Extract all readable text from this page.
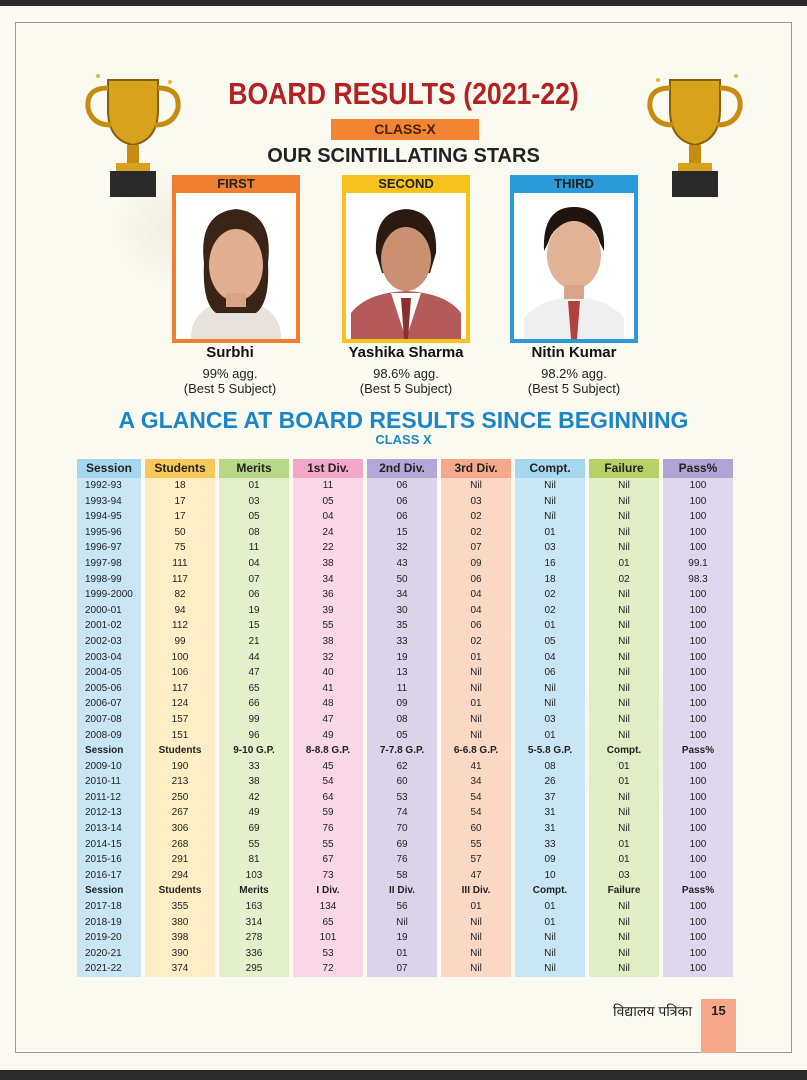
BOARD RESULTS (2021-22)
CLASS-X
OUR SCINTILLATING STARS
FIRST	SECOND	THIRD
Surbhi
99% agg.
(Best 5 Subject)
Yashika Sharma
98.6% agg.
(Best 5 Subject)
Nitin Kumar
98.2% agg.
(Best 5 Subject)
A GLANCE AT BOARD RESULTS SINCE BEGINNING
CLASS X
Session	Students	Merits	1st Div.	2nd Div.	3rd Div.	Compt.	Failure	Pass%
1992-93	18	01	11	06	Nil	Nil	Nil	100
1993-94	17	03	05	06	03	Nil	Nil	100
1994-95	17	05	04	06	02	Nil	Nil	100
1995-96	50	08	24	15	02	01	Nil	100
1996-97	75	11	22	32	07	03	Nil	100
1997-98	111	04	38	43	09	16	01	99.1
1998-99	117	07	34	50	06	18	02	98.3
1999-2000	82	06	36	34	04	02	Nil	100
2000-01	94	19	39	30	04	02	Nil	100
2001-02	112	15	55	35	06	01	Nil	100
2002-03	99	21	38	33	02	05	Nil	100
2003-04	100	44	32	19	01	04	Nil	100
2004-05	106	47	40	13	Nil	06	Nil	100
2005-06	117	65	41	11	Nil	Nil	Nil	100
2006-07	124	66	48	09	01	Nil	Nil	100
2007-08	157	99	47	08	Nil	03	Nil	100
2008-09	151	96	49	05	Nil	01	Nil	100
Session	Students	9-10 G.P.	8-8.8 G.P.	7-7.8 G.P.	6-6.8 G.P.	5-5.8 G.P.	Compt.	Pass%
2009-10	190	33	45	62	41	08	01	100
2010-11	213	38	54	60	34	26	01	100
2011-12	250	42	64	53	54	37	Nil	100
2012-13	267	49	59	74	54	31	Nil	100
2013-14	306	69	76	70	60	31	Nil	100
2014-15	268	55	55	69	55	33	01	100
2015-16	291	81	67	76	57	09	01	100
2016-17	294	103	73	58	47	10	03	100
Session	Students	Merits	I Div.	II Div.	III Div.	Compt.	Failure	Pass%
2017-18	355	163	134	56	01	01	Nil	100
2018-19	380	314	65	Nil	Nil	01	Nil	100
2019-20	398	278	101	19	Nil	Nil	Nil	100
2020-21	390	336	53	01	Nil	Nil	Nil	100
2021-22	374	295	72	07	Nil	Nil	Nil	100
विद्यालय पत्रिका	15
